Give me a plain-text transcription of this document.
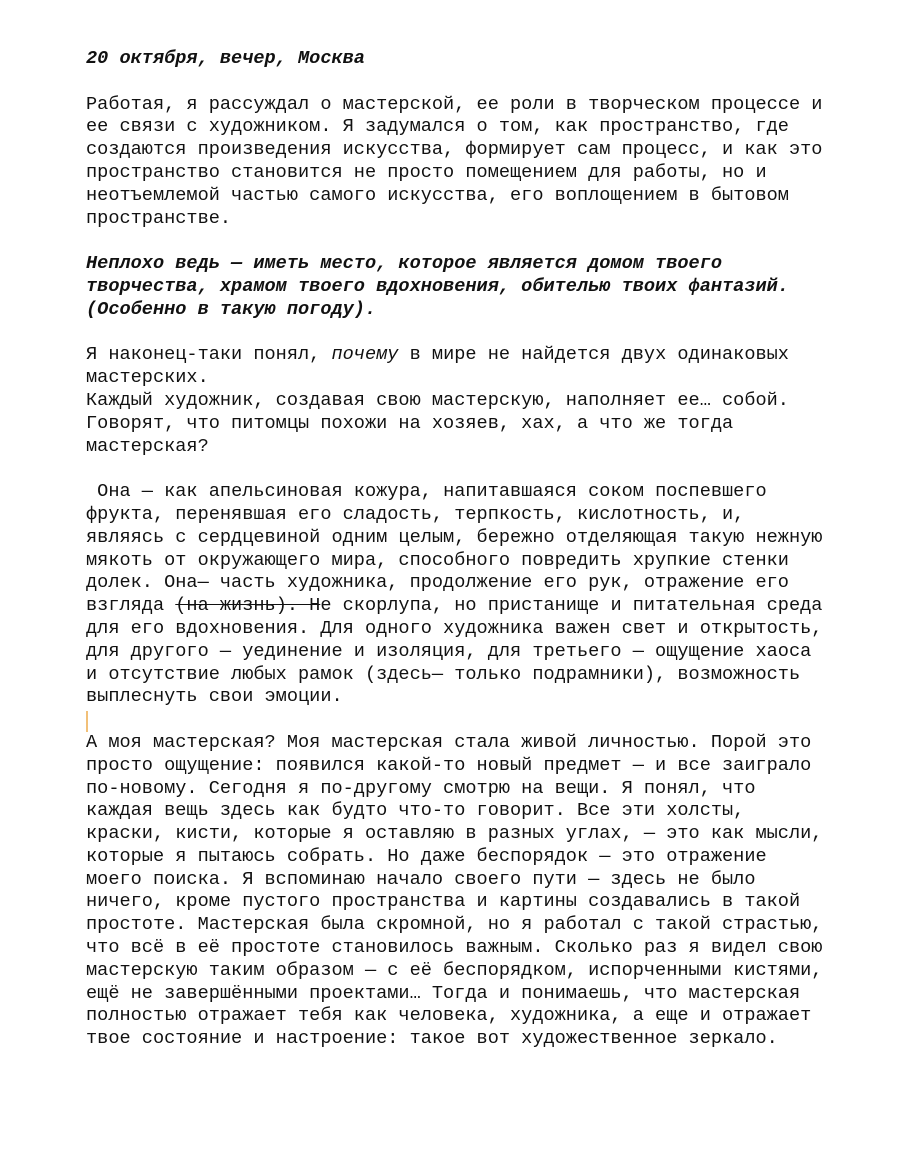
20 октября, вечер, Москва

Работая, я рассуждал о мастерской, ее роли в творческом процессе и ее связи с художником. Я задумался о том, как пространство, где создаются произведения искусства, формирует сам процесс, и как это пространство становится не просто помещением для работы, но и неотъемлемой частью самого искусства, его воплощением в бытовом пространстве.

Неплохо ведь — иметь место, которое является домом твоего творчества, храмом твоего вдохновения, обителью твоих фантазий. (Особенно в такую погоду).

Я наконец-таки понял, почему в мире не найдется двух одинаковых мастерских.
Каждый художник, создавая свою мастерскую, наполняет ее… собой. Говорят, что питомцы похожи на хозяев, хах, а что же тогда мастерская?

Она — как апельсиновая кожура, напитавшаяся соком поспевшего фрукта, перенявшая его сладость, терпкость, кислотность, и, являясь с сердцевиной одним целым, бережно отделяющая такую нежную мякоть от окружающего мира, способного повредить хрупкие стенки долек. Она— часть художника, продолжение его рук, отражение его взгляда (на жизнь). Не скорлупа, но пристанище и питательная среда для его вдохновения. Для одного художника важен свет и открытость, для другого — уединение и изоляция, для третьего — ощущение хаоса и отсутствие любых рамок (здесь— только подрамники), возможность выплеснуть свои эмоции.

А моя мастерская? Моя мастерская стала живой личностью. Порой это просто ощущение: появился какой-то новый предмет — и все заиграло по-новому. Сегодня я по-другому смотрю на вещи. Я понял, что каждая вещь здесь как будто что-то говорит. Все эти холсты, краски, кисти, которые я оставляю в разных углах, — это как мысли, которые я пытаюсь собрать. Но даже беспорядок — это отражение моего поиска. Я вспоминаю начало своего пути — здесь не было ничего, кроме пустого пространства и картины создавались в такой простоте. Мастерская была скромной, но я работал с такой страстью, что всё в её простоте становилось важным. Сколько раз я видел свою мастерскую таким образом — с её беспорядком, испорченными кистями, ещё не завершёнными проектами… Тогда и понимаешь, что мастерская полностью отражает тебя как человека, художника, а еще и отражает твое состояние и настроение: такое вот художественное зеркало.
